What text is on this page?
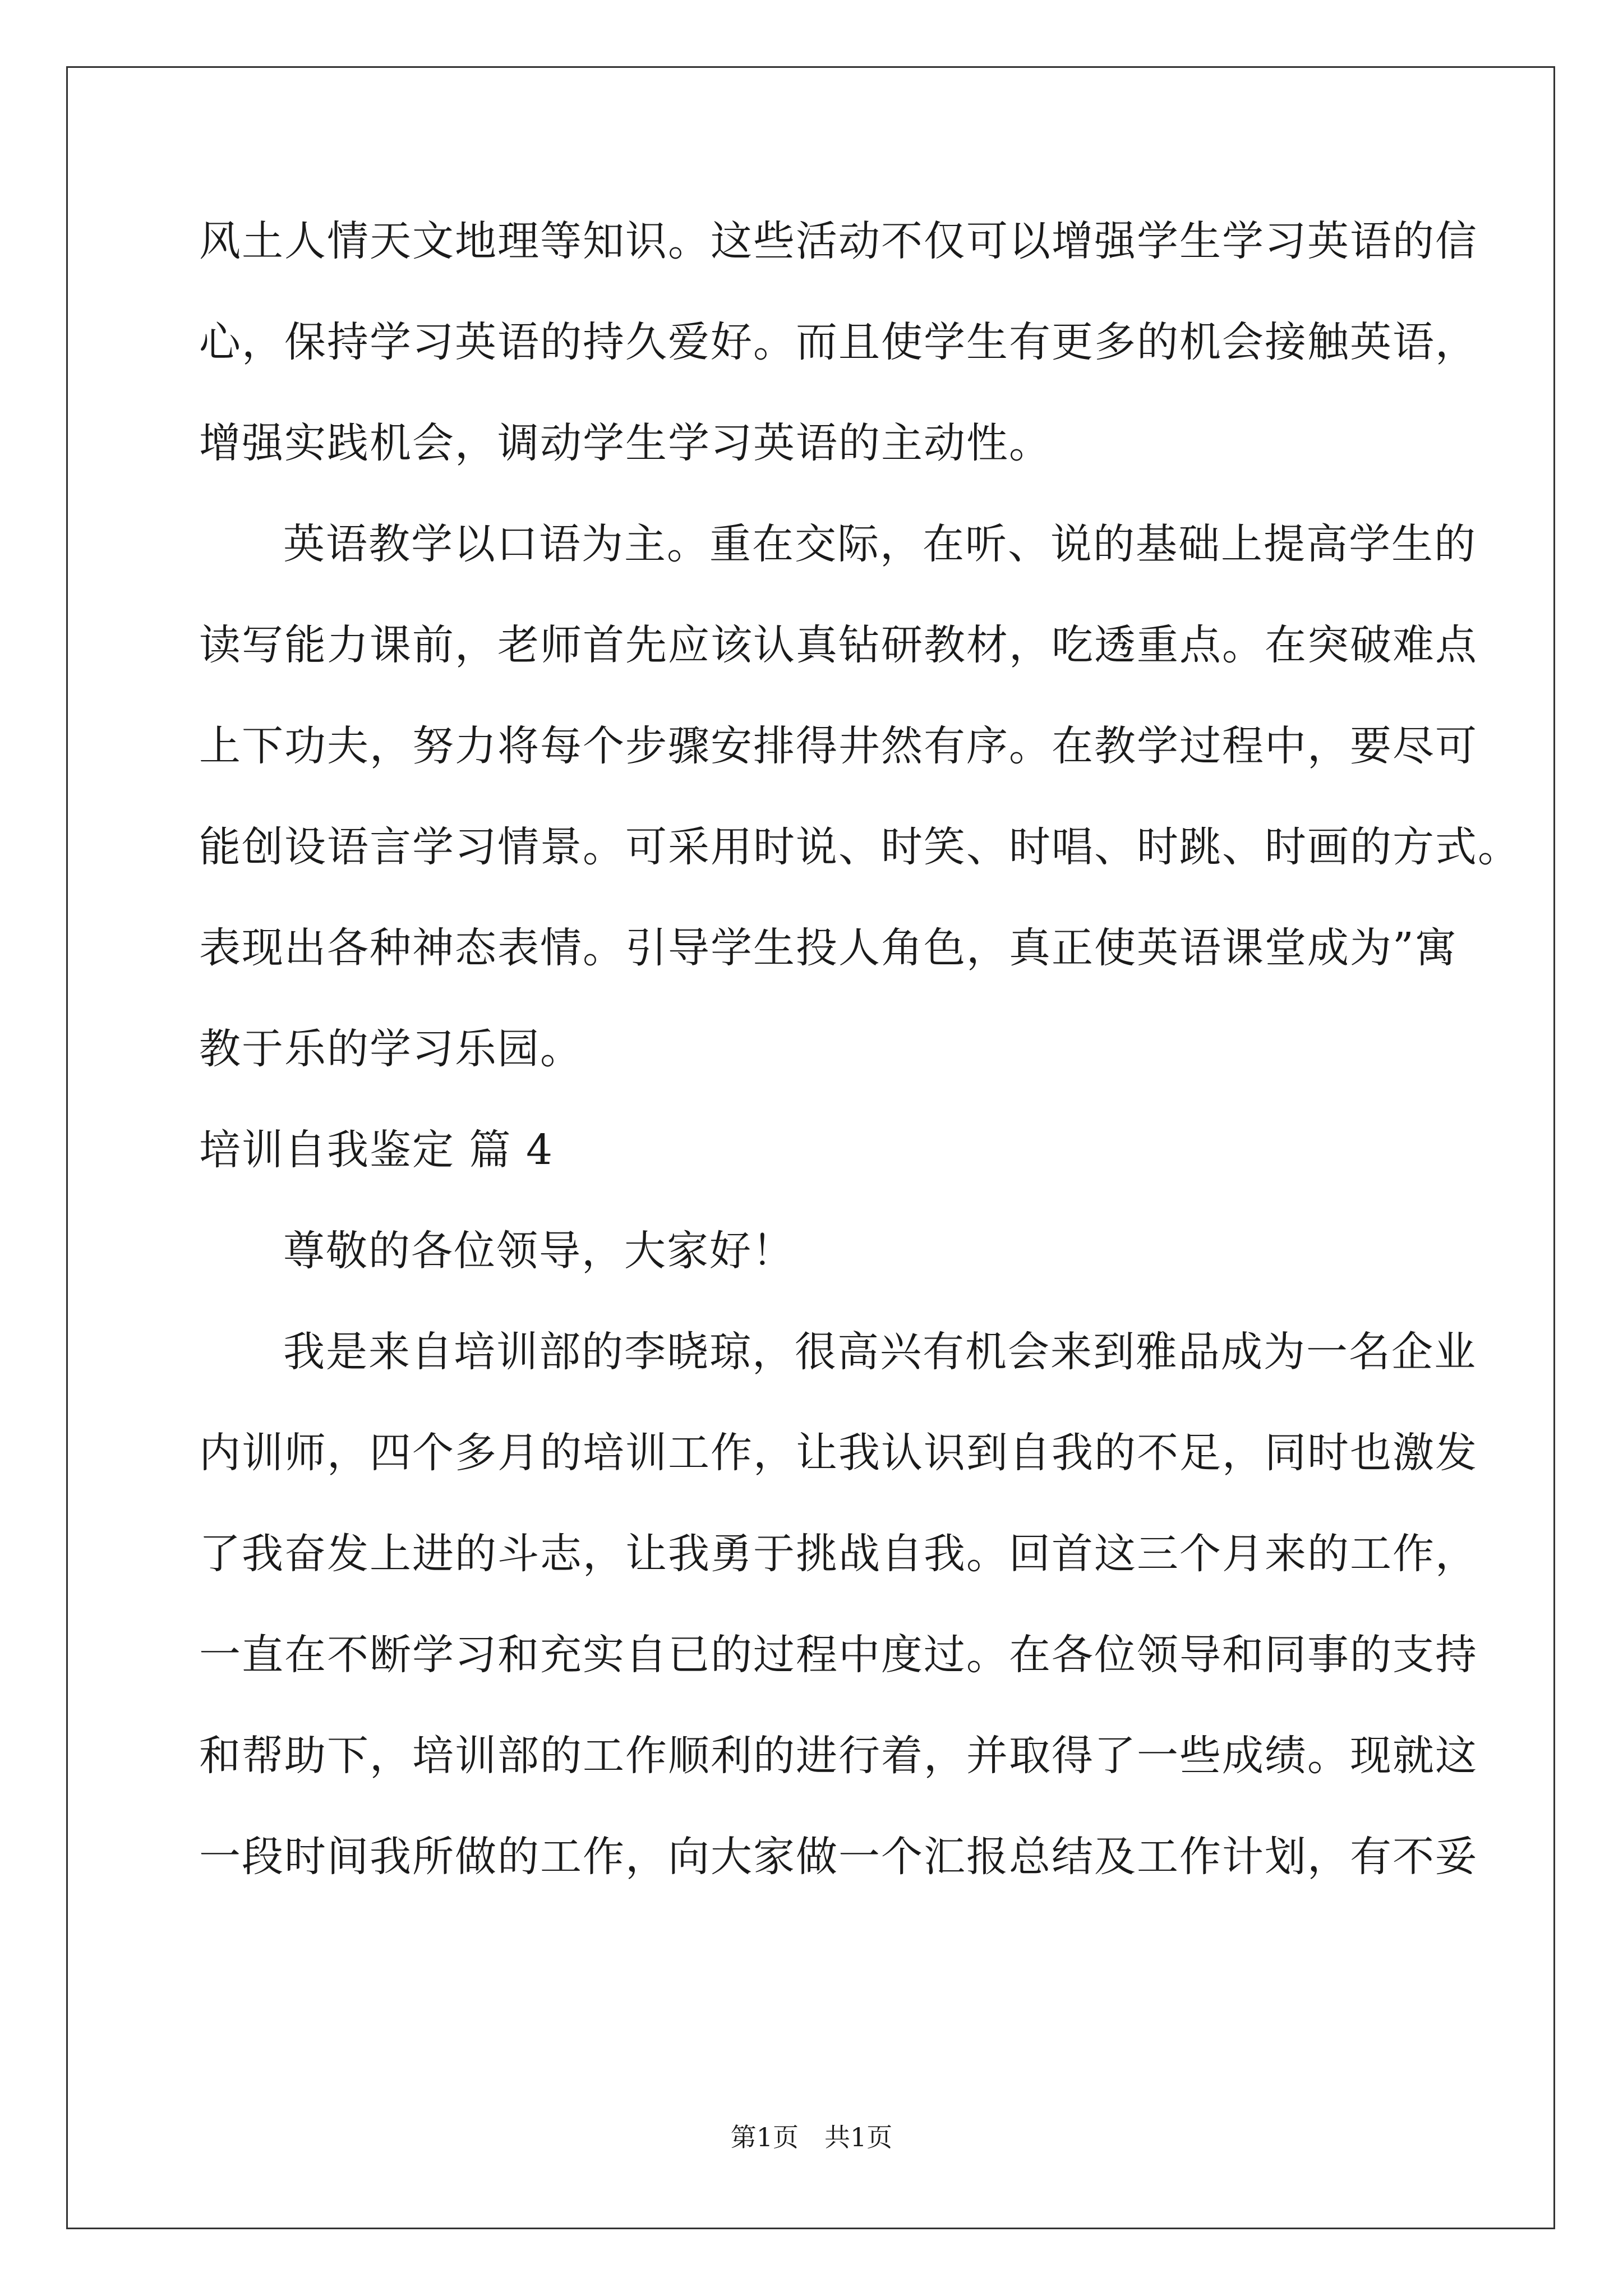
风土人情天文地理等知识。这些活动不仅可以增强学生学习英语的信
心，保持学习英语的持久爱好。而且使学生有更多的机会接触英语，
增强实践机会，调动学生学习英语的主动性。
英语教学以口语为主。重在交际，在听、说的基础上提高学生的
读写能力课前，老师首先应该认真钻研教材，吃透重点。在突破难点
上下功夫，努力将每个步骤安排得井然有序。在教学过程中，要尽可
能创设语言学习情景。可采用时说、时笑、时唱、时跳、时画的方式。
表现出各种神态表情。引导学生投人角色，真正使英语课堂成为”寓
教于乐的学习乐园。
培训自我鉴定 篇 4
尊敬的各位领导，大家好！
我是来自培训部的李晓琼，很高兴有机会来到雅品成为一名企业
内训师，四个多月的培训工作，让我认识到自我的不足，同时也激发
了我奋发上进的斗志，让我勇于挑战自我。回首这三个月来的工作，
一直在不断学习和充实自已的过程中度过。在各位领导和同事的支持
和帮助下，培训部的工作顺利的进行着，并取得了一些成绩。现就这
一段时间我所做的工作，向大家做一个汇报总结及工作计划，有不妥
第1页　共1页
